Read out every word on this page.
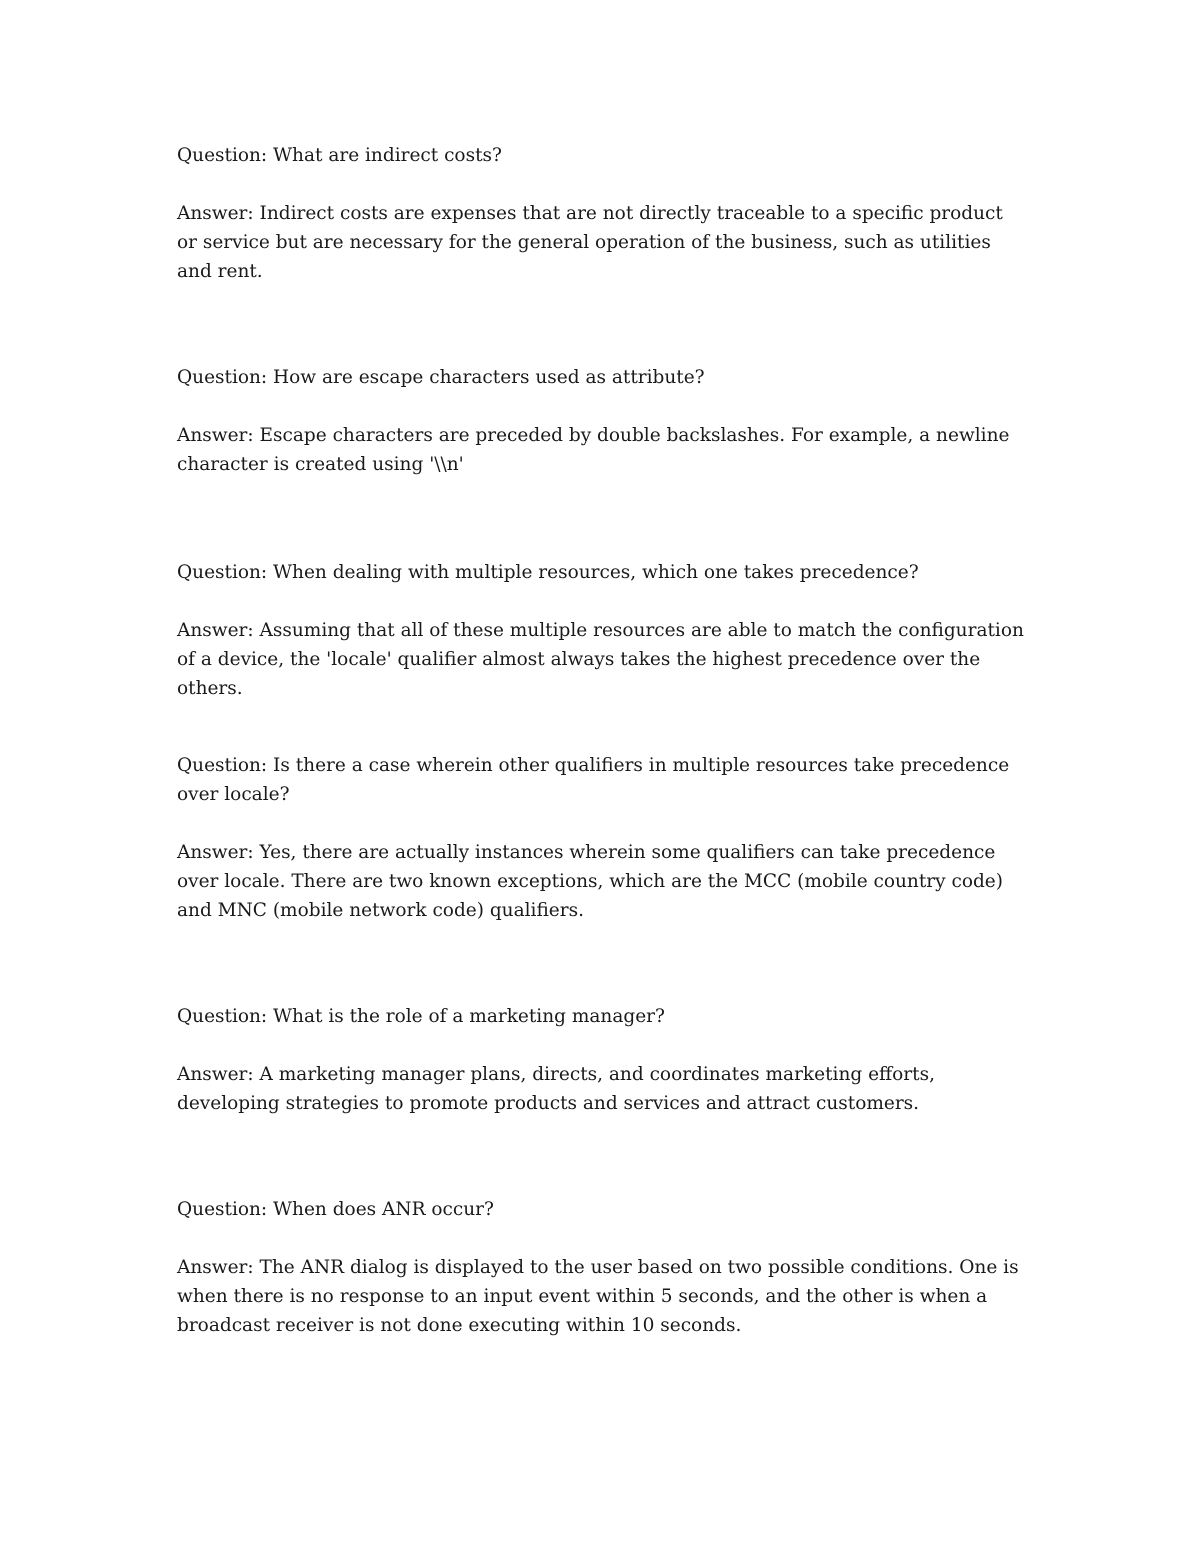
Question: What are indirect costs?

Answer: Indirect costs are expenses that are not directly traceable to a specific product or service but are necessary for the general operation of the business, such as utilities and rent.

Question: How are escape characters used as attribute?

Answer: Escape characters are preceded by double backslashes. For example, a newline character is created using '\\n'

Question: When dealing with multiple resources, which one takes precedence?

Answer: Assuming that all of these multiple resources are able to match the configuration of a device, the 'locale' qualifier almost always takes the highest precedence over the others.

Question: Is there a case wherein other qualifiers in multiple resources take precedence over locale?

Answer: Yes, there are actually instances wherein some qualifiers can take precedence over locale. There are two known exceptions, which are the MCC (mobile country code) and MNC (mobile network code) qualifiers.

Question: What is the role of a marketing manager?

Answer: A marketing manager plans, directs, and coordinates marketing efforts, developing strategies to promote products and services and attract customers.

Question: When does ANR occur?

Answer: The ANR dialog is displayed to the user based on two possible conditions. One is when there is no response to an input event within 5 seconds, and the other is when a broadcast receiver is not done executing within 10 seconds.
